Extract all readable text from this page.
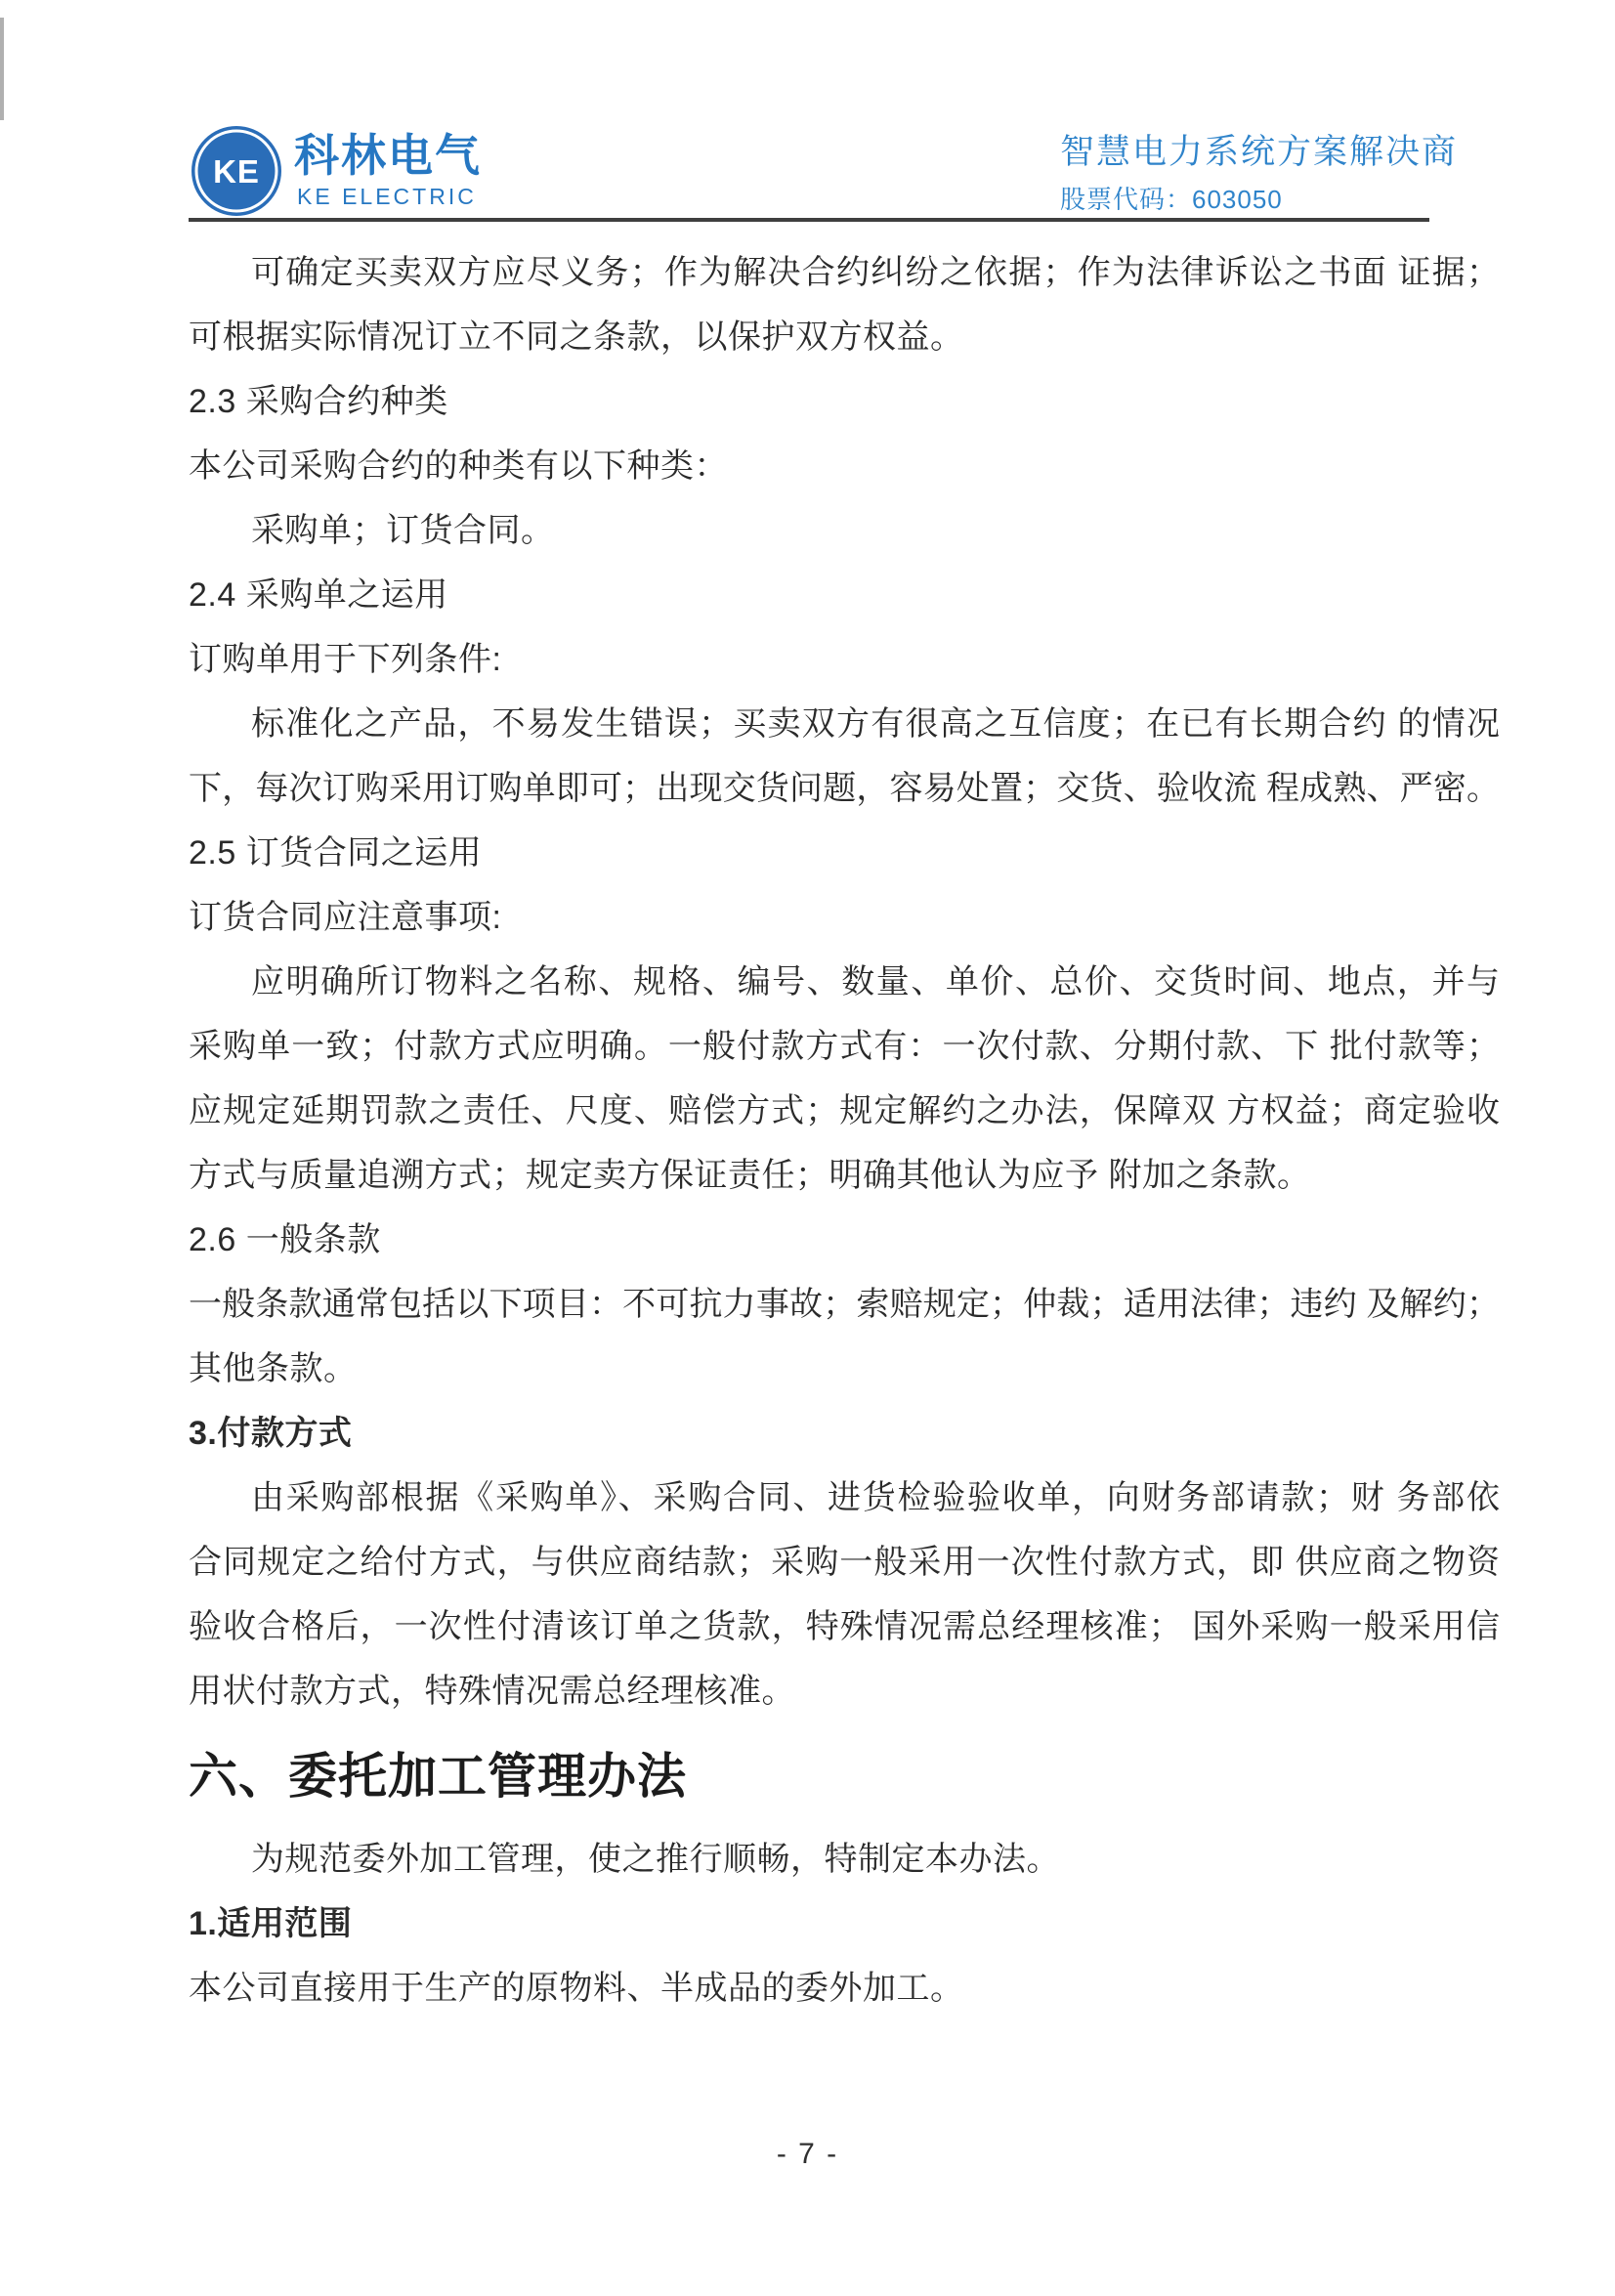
KE 科林电气
KE ELECTRIC
智慧电力系统方案解决商
股票代码：603050
可确定买卖双方应尽义务；作为解决合约纠纷之依据；作为法律诉讼之书面 证据；
可根据实际情况订立不同之条款，以保护双方权益。
2.3 采购合约种类
本公司采购合约的种类有以下种类：
采购单；订货合同。
2.4 采购单之运用
订购单用于下列条件:
标准化之产品，不易发生错误；买卖双方有很高之互信度；在已有长期合约 的情况
下，每次订购采用订购单即可；出现交货问题，容易处置；交货、验收流 程成熟、严密。
2.5 订货合同之运用
订货合同应注意事项:
应明确所订物料之名称、规格、编号、数量、单价、总价、交货时间、地点，并与
采购单一致；付款方式应明确。一般付款方式有：一次付款、分期付款、下 批付款等；
应规定延期罚款之责任、尺度、赔偿方式；规定解约之办法，保障双 方权益；商定验收
方式与质量追溯方式；规定卖方保证责任；明确其他认为应予 附加之条款。
2.6 一般条款
一般条款通常包括以下项目：不可抗力事故；索赔规定；仲裁；适用法律；违约 及解约；
其他条款。
3.付款方式
由采购部根据《采购单》、采购合同、进货检验验收单，向财务部请款；财 务部依
合同规定之给付方式，与供应商结款；采购一般采用一次性付款方式，即 供应商之物资
验收合格后，一次性付清该订单之货款，特殊情况需总经理核准； 国外采购一般采用信
用状付款方式，特殊情况需总经理核准。
六、委托加工管理办法
为规范委外加工管理，使之推行顺畅，特制定本办法。
1.适用范围
本公司直接用于生产的原物料、半成品的委外加工。
- 7 -
